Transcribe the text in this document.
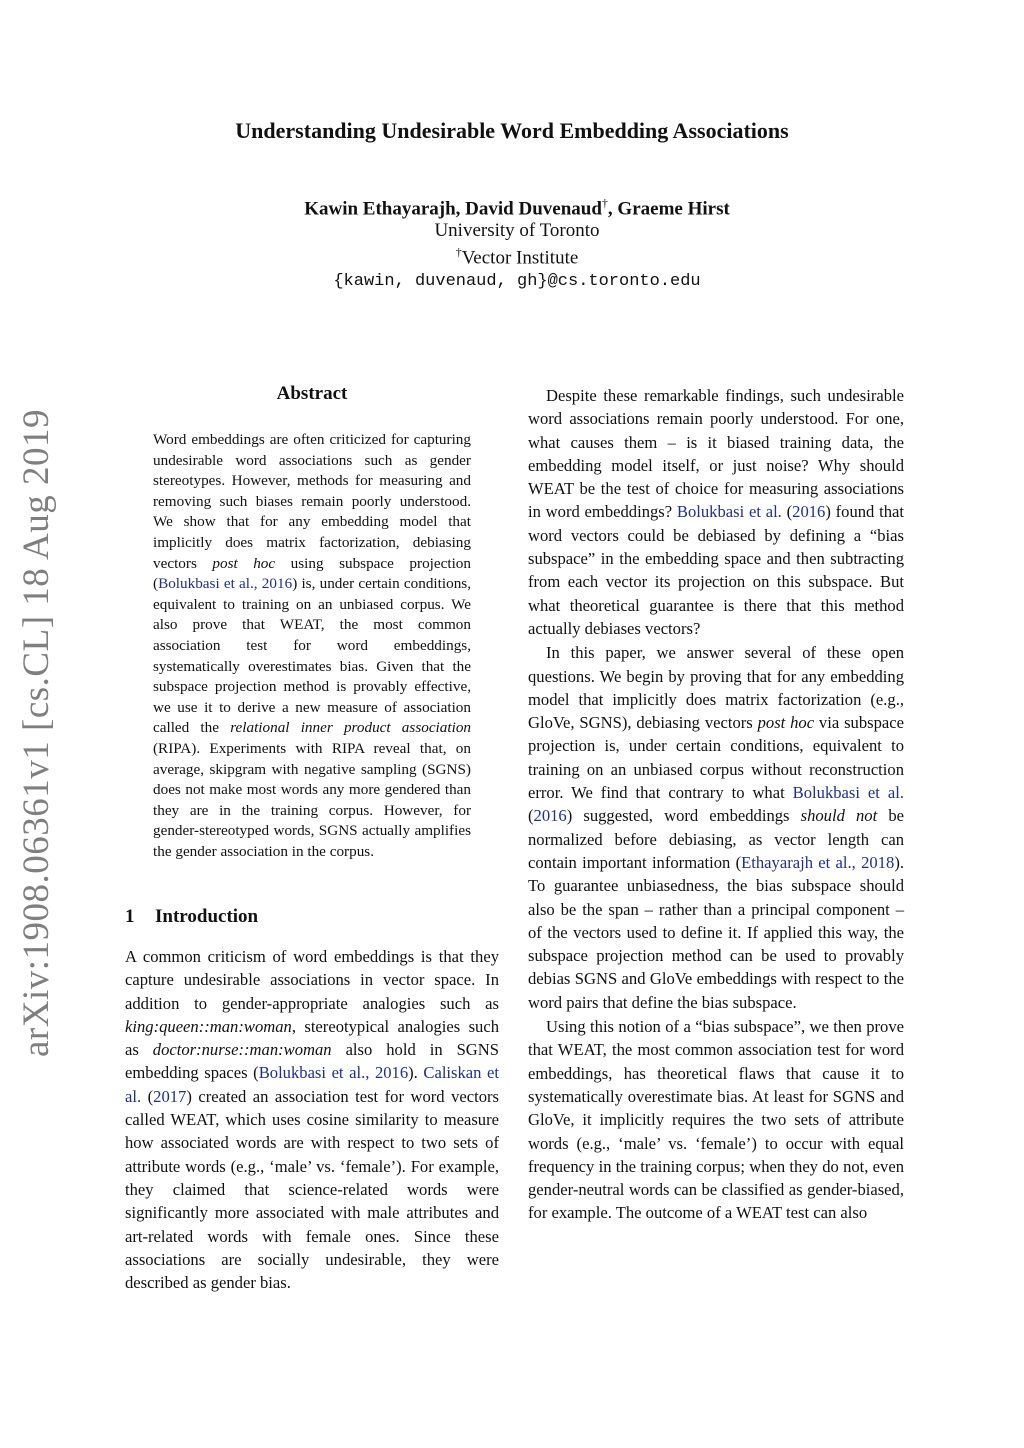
arXiv:1908.06361v1 [cs.CL] 18 Aug 2019
Understanding Undesirable Word Embedding Associations
Kawin Ethayarajh, David Duvenaud†, Graeme Hirst
University of Toronto
†Vector Institute
{kawin, duvenaud, gh}@cs.toronto.edu
Abstract
Word embeddings are often criticized for capturing undesirable word associations such as gender stereotypes. However, methods for measuring and removing such biases remain poorly understood. We show that for any embedding model that implicitly does matrix factorization, debiasing vectors post hoc using subspace projection (Bolukbasi et al., 2016) is, under certain conditions, equivalent to training on an unbiased corpus. We also prove that WEAT, the most common association test for word embeddings, systematically overestimates bias. Given that the subspace projection method is provably effective, we use it to derive a new measure of association called the relational inner product association (RIPA). Experiments with RIPA reveal that, on average, skipgram with negative sampling (SGNS) does not make most words any more gendered than they are in the training corpus. However, for gender-stereotyped words, SGNS actually amplifies the gender association in the corpus.
1 Introduction

A common criticism of word embeddings is that they capture undesirable associations in vector space. In addition to gender-appropriate analogies such as king:queen::man:woman, stereotypical analogies such as doctor:nurse::man:woman also hold in SGNS embedding spaces (Bolukbasi et al., 2016). Caliskan et al. (2017) created an association test for word vectors called WEAT, which uses cosine similarity to measure how associated words are with respect to two sets of attribute words (e.g., ‘male’ vs. ‘female’). For example, they claimed that science-related words were significantly more associated with male attributes and art-related words with female ones. Since these associations are socially undesirable, they were described as gender bias.

Despite these remarkable findings, such undesirable word associations remain poorly understood. For one, what causes them – is it biased training data, the embedding model itself, or just noise? Why should WEAT be the test of choice for measuring associations in word embeddings? Bolukbasi et al. (2016) found that word vectors could be debiased by defining a “bias subspace” in the embedding space and then subtracting from each vector its projection on this subspace. But what theoretical guarantee is there that this method actually debiases vectors?

In this paper, we answer several of these open questions. We begin by proving that for any embedding model that implicitly does matrix factorization (e.g., GloVe, SGNS), debiasing vectors post hoc via subspace projection is, under certain conditions, equivalent to training on an unbiased corpus without reconstruction error. We find that contrary to what Bolukbasi et al. (2016) suggested, word embeddings should not be normalized before debiasing, as vector length can contain important information (Ethayarajh et al., 2018). To guarantee unbiasedness, the bias subspace should also be the span – rather than a principal component – of the vectors used to define it. If applied this way, the subspace projection method can be used to provably debias SGNS and GloVe embeddings with respect to the word pairs that define the bias subspace.

Using this notion of a “bias subspace”, we then prove that WEAT, the most common association test for word embeddings, has theoretical flaws that cause it to systematically overestimate bias. At least for SGNS and GloVe, it implicitly requires the two sets of attribute words (e.g., ‘male’ vs. ‘female’) to occur with equal frequency in the training corpus; when they do not, even gender-neutral words can be classified as gender-biased, for example. The outcome of a WEAT test can also
